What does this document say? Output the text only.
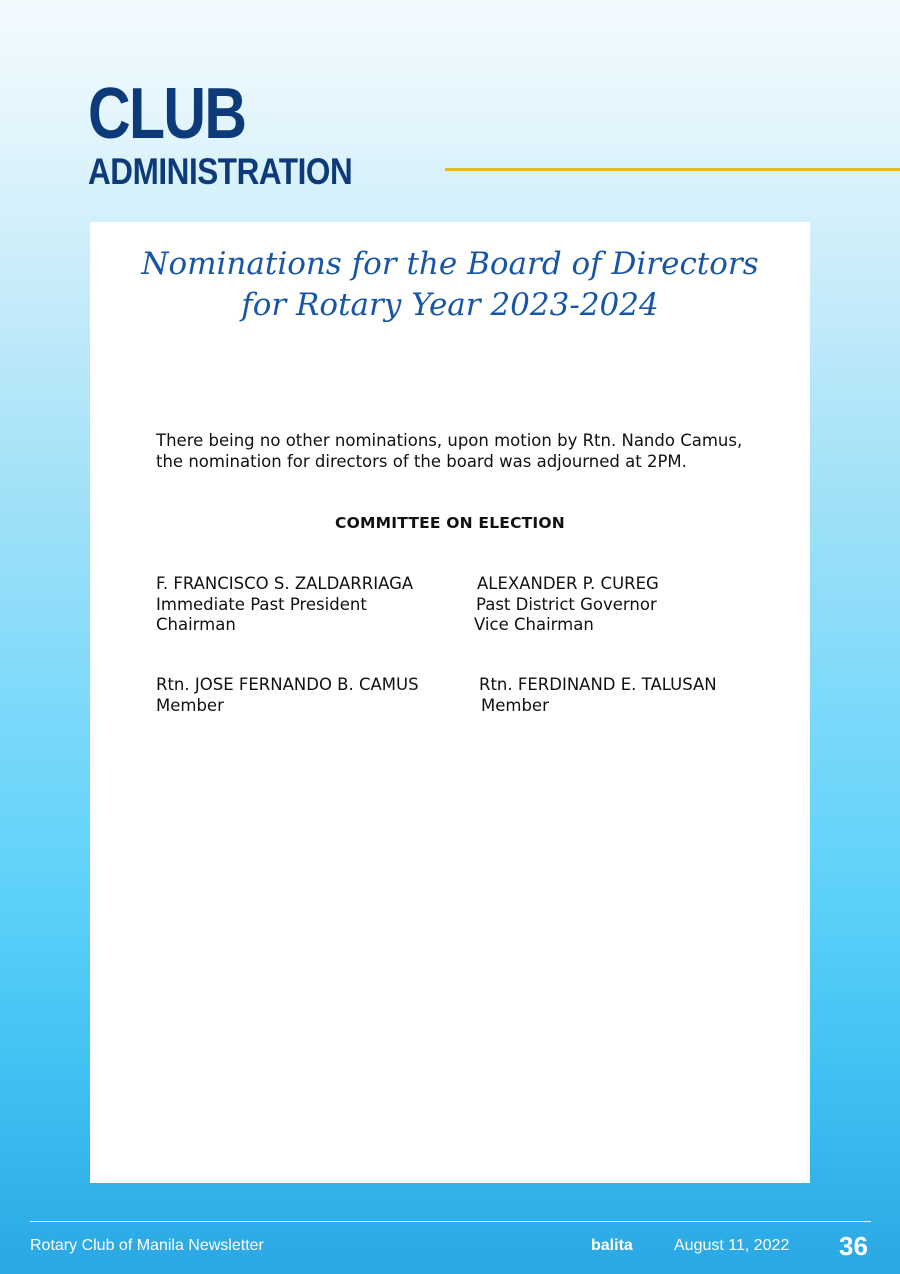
CLUB
ADMINISTRATION
Nominations for the Board of Directors
for Rotary Year 2023-2024
There being no other nominations, upon motion by Rtn. Nando Camus, the nomination for directors of the board was adjourned at 2PM.
COMMITTEE ON ELECTION
F. FRANCISCO S. ZALDARRIAGA
Immediate Past President
Chairman
ALEXANDER P. CUREG
Past District Governor
Vice Chairman
Rtn. JOSE FERNANDO B. CAMUS
Member
Rtn. FERDINAND E. TALUSAN
Member
Rotary Club of Manila Newsletter	balita	August 11, 2022 36
